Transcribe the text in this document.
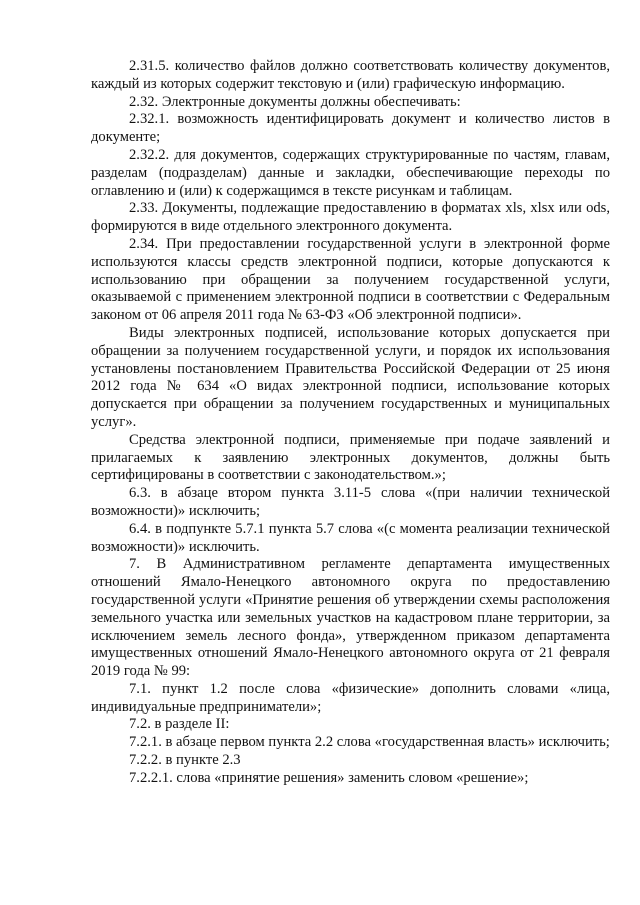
2.31.5. количество файлов должно соответствовать количеству документов, каждый из которых содержит текстовую и (или) графическую информацию.

2.32. Электронные документы должны обеспечивать:

2.32.1. возможность идентифицировать документ и количество листов в документе;

2.32.2. для документов, содержащих структурированные по частям, главам, разделам (подразделам) данные и закладки, обеспечивающие переходы по оглавлению и (или) к содержащимся в тексте рисункам и таблицам.

2.33. Документы, подлежащие предоставлению в форматах xls, xlsx или ods, формируются в виде отдельного электронного документа.

2.34. При предоставлении государственной услуги в электронной форме используются классы средств электронной подписи, которые допускаются к использованию при обращении за получением государственной услуги, оказываемой с применением электронной подписи в соответствии с Федеральным законом от 06 апреля 2011 года № 63-ФЗ «Об электронной подписи».

Виды электронных подписей, использование которых допускается при обращении за получением государственной услуги, и порядок их использования установлены постановлением Правительства Российской Федерации от 25 июня 2012 года № 634 «О видах электронной подписи, использование которых допускается при обращении за получением государственных и муниципальных услуг».

Средства электронной подписи, применяемые при подаче заявлений и прилагаемых к заявлению электронных документов, должны быть сертифицированы в соответствии с законодательством.»;

6.3. в абзаце втором пункта 3.11-5 слова «(при наличии технической возможности)» исключить;

6.4. в подпункте 5.7.1 пункта 5.7 слова «(с момента реализации технической возможности)» исключить.

7. В Административном регламенте департамента имущественных отношений Ямало-Ненецкого автономного округа по предоставлению государственной услуги «Принятие решения об утверждении схемы расположения земельного участка или земельных участков на кадастровом плане территории, за исключением земель лесного фонда», утвержденном приказом департамента имущественных отношений Ямало-Ненецкого автономного округа от 21 февраля 2019 года № 99:

7.1. пункт 1.2 после слова «физические» дополнить словами «лица, индивидуальные предприниматели»;

7.2. в разделе II:

7.2.1. в абзаце первом пункта 2.2 слова «государственная власть» исключить;

7.2.2. в пункте 2.3

7.2.2.1. слова «принятие решения» заменить словом «решение»;
